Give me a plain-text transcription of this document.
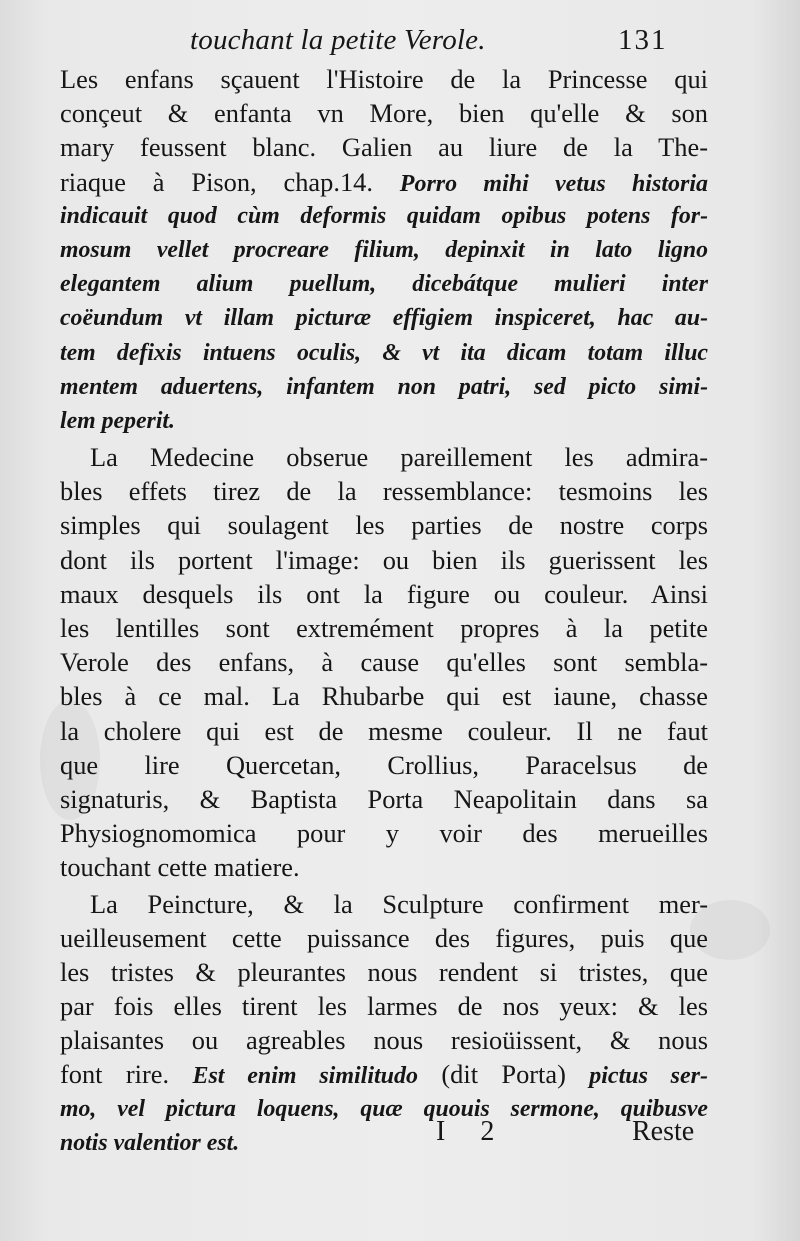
touchant la petite Verole.	131
Les enfans sçauent l'Histoire de la Princesse qui
conçeut & enfanta vn More, bien qu'elle & son
mary feussent blanc. Galien au liure de la The-
riaque à Pison, chap.14. Porro mihi vetus historia
indicauit quod cùm deformis quidam opibus potens for-
mosum vellet procreare filium, depinxit in lato ligno
elegantem alium puellum, dicebátque mulieri inter
coëundum vt illam picturæ effigiem inspiceret, hac au-
tem defixis intuens oculis, & vt ita dicam totam illuc
mentem aduertens, infantem non patri, sed picto simi-
lem peperit.
La Medecine obserue pareillement les admira-
bles effets tirez de la ressemblance: tesmoins les
simples qui soulagent les parties de nostre corps
dont ils portent l'image: ou bien ils guerissent les
maux desquels ils ont la figure ou couleur. Ainsi
les lentilles sont extremément propres à la petite
Verole des enfans, à cause qu'elles sont sembla-
bles à ce mal. La Rhubarbe qui est iaune, chasse
la cholere qui est de mesme couleur. Il ne faut
que lire Quercetan, Crollius, Paracelsus de
signaturis, & Baptista Porta Neapolitain dans sa
Physiognomomica pour y voir des merueilles
touchant cette matiere.
La Peincture, & la Sculpture confirment mer-
ueilleusement cette puissance des figures, puis que
les tristes & pleurantes nous rendent si tristes, que
par fois elles tirent les larmes de nos yeux: & les
plaisantes ou agreables nous resioüissent, & nous
font rire. Est enim similitudo (dit Porta) pictus ser-
mo, vel pictura loquens, quæ quouis sermone, quibusve
notis valentior est.	I 2	Reste
